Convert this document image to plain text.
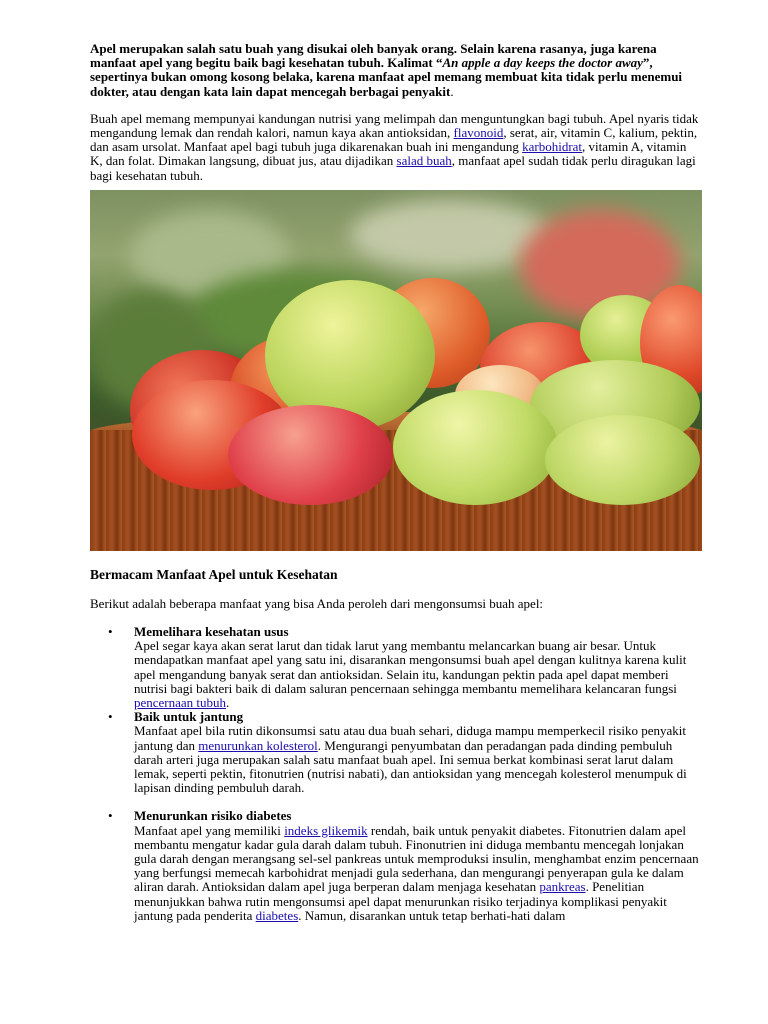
Apel merupakan salah satu buah yang disukai oleh banyak orang. Selain karena rasanya, juga karena manfaat apel yang begitu baik bagi kesehatan tubuh. Kalimat “An apple a day keeps the doctor away”, sepertinya bukan omong kosong belaka, karena manfaat apel memang membuat kita tidak perlu menemui dokter, atau dengan kata lain dapat mencegah berbagai penyakit.

Buah apel memang mempunyai kandungan nutrisi yang melimpah dan menguntungkan bagi tubuh. Apel nyaris tidak mengandung lemak dan rendah kalori, namun kaya akan antioksidan, flavonoid, serat, air, vitamin C, kalium, pektin, dan asam ursolat. Manfaat apel bagi tubuh juga dikarenakan buah ini mengandung karbohidrat, vitamin A, vitamin K, dan folat. Dimakan langsung, dibuat jus, atau dijadikan salad buah, manfaat apel sudah tidak perlu diragukan lagi bagi kesehatan tubuh.

Bermacam Manfaat Apel untuk Kesehatan

Berikut adalah beberapa manfaat yang bisa Anda peroleh dari mengonsumsi buah apel:

• Memelihara kesehatan usus

Apel segar kaya akan serat larut dan tidak larut yang membantu melancarkan buang air besar. Untuk mendapatkan manfaat apel yang satu ini, disarankan mengonsumsi buah apel dengan kulitnya karena kulit apel mengandung banyak serat dan antioksidan. Selain itu, kandungan pektin pada apel dapat memberi nutrisi bagi bakteri baik di dalam saluran pencernaan sehingga membantu memelihara kelancaran fungsi pencernaan tubuh.

• Baik untuk jantung

Manfaat apel bila rutin dikonsumsi satu atau dua buah sehari, diduga mampu memperkecil risiko penyakit jantung dan menurunkan kolesterol. Mengurangi penyumbatan dan peradangan pada dinding pembuluh darah arteri juga merupakan salah satu manfaat buah apel. Ini semua berkat kombinasi serat larut dalam lemak, seperti pektin, fitonutrien (nutrisi nabati), dan antioksidan yang mencegah kolesterol menumpuk di lapisan dinding pembuluh darah.

• Menurunkan risiko diabetes

Manfaat apel yang memiliki indeks glikemik rendah, baik untuk penyakit diabetes. Fitonutrien dalam apel membantu mengatur kadar gula darah dalam tubuh. Finonutrien ini diduga membantu mencegah lonjakan gula darah dengan merangsang sel-sel pankreas untuk memproduksi insulin, menghambat enzim pencernaan yang berfungsi memecah karbohidrat menjadi gula sederhana, dan mengurangi penyerapan gula ke dalam aliran darah. Antioksidan dalam apel juga berperan dalam menjaga kesehatan pankreas. Penelitian menunjukkan bahwa rutin mengonsumsi apel dapat menurunkan risiko terjadinya komplikasi penyakit jantung pada penderita diabetes. Namun, disarankan untuk tetap berhati-hati dalam
